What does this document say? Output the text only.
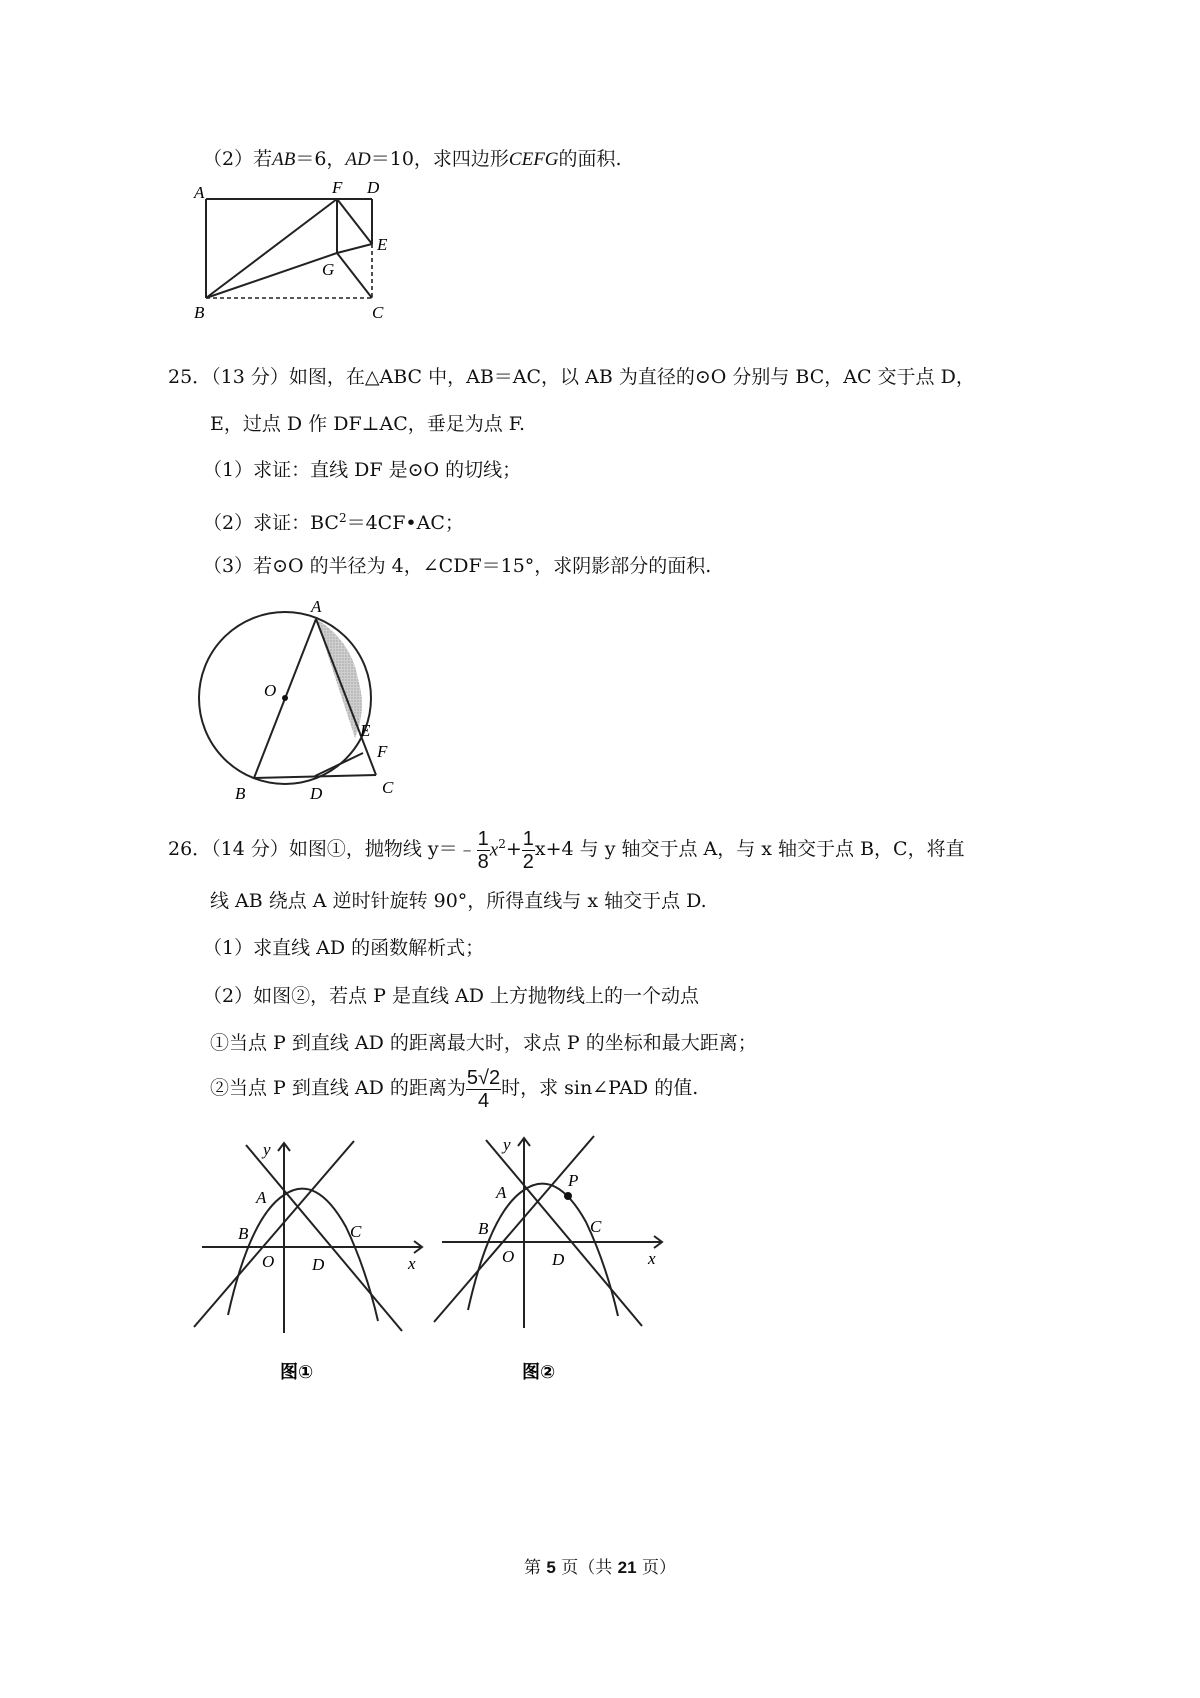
（2）若AB＝6，AD＝10，求四边形CEFG的面积.
A	F D
E
G
B	C
25．（13 分）如图，在△ABC 中，AB＝AC，以 AB 为直径的⊙O 分别与 BC，AC 交于点 D，
E，过点 D 作 DF⊥AC，垂足为点 F.
（1）求证：直线 DF 是⊙O 的切线；
（2）求证：$BC^2=4CF•AC$；
（3）若⊙O 的半径为 4，∠CDF＝15°，求阴影部分的面积.
A
O
E
F
B	D	C
26．（14 分）如图①，抛物线 y＝﹣ $\frac{1}{8} x^2+ \frac{1}{2} x+4$ 与 y 轴交于点 A，与 x 轴交于点 B，C，将直
线 AB 绕点 A 逆时针旋转 90°，所得直线与 x 轴交于点 D.
（1）求直线 AD 的函数解析式；
（2）如图②，若点 P 是直线 AD 上方抛物线上的一个动点
①当点 P 到直线 AD 的距离最大时，求点 P 的坐标和最大距离；
②当点 P 到直线 AD 的距离为 $\frac{5√2}{4}$ 时，求 sin∠PAD 的值.
y
x
A
B	C
O D
图①
y
x
A
P
B	C
O D
图②
第 5 页（共 21 页）
